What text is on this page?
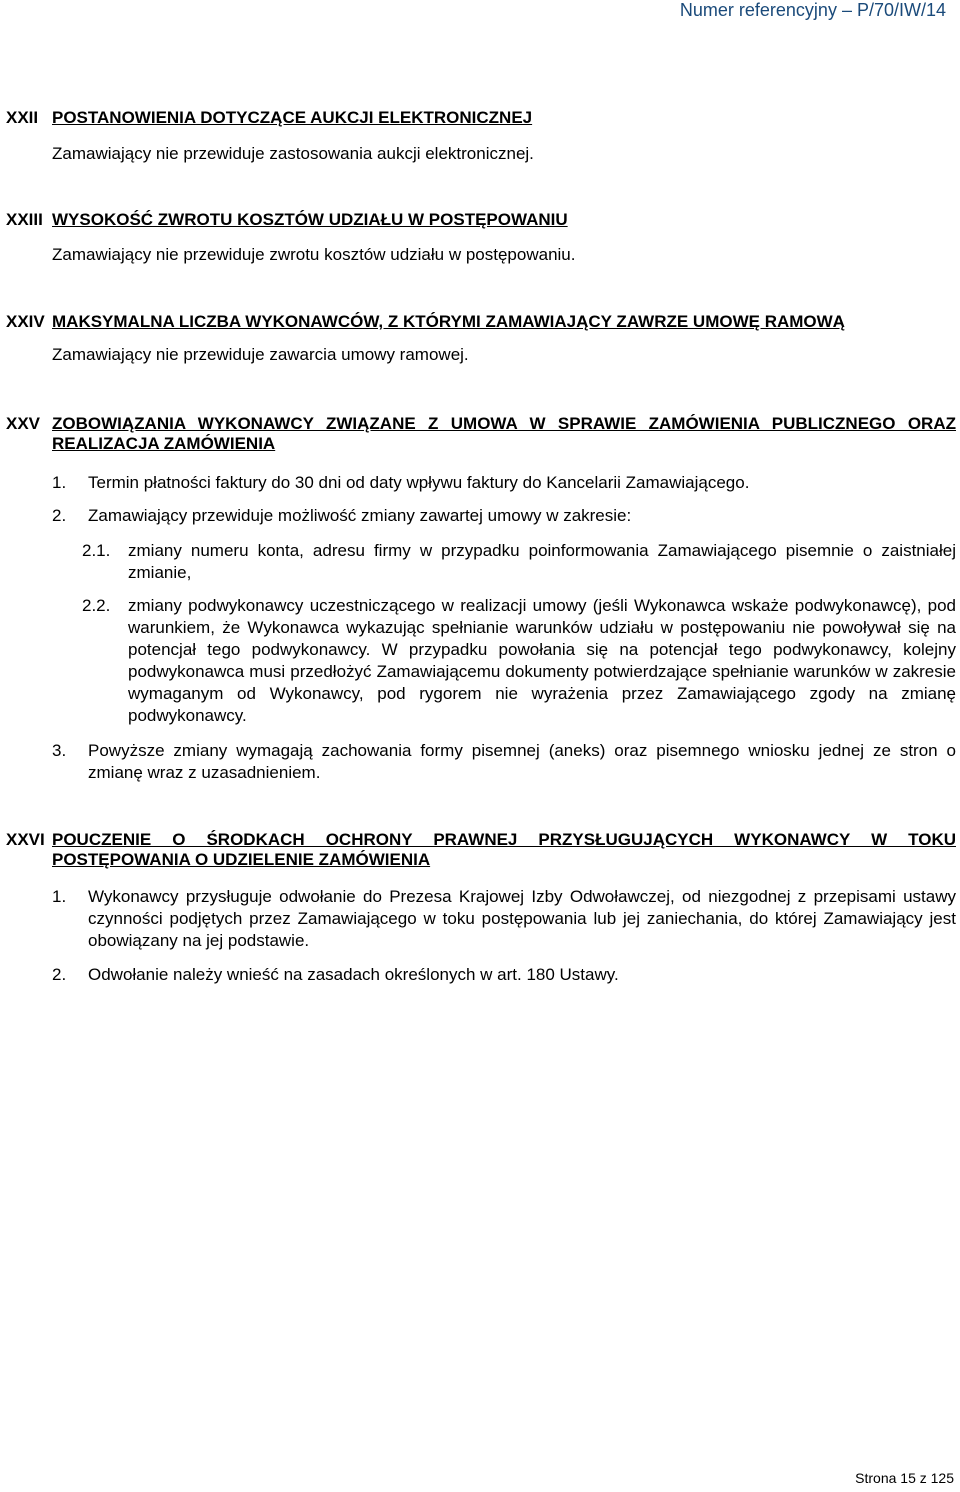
Numer referencyjny – P/70/IW/14
XXII POSTANOWIENIA DOTYCZĄCE AUKCJI ELEKTRONICZNEJ
Zamawiający nie przewiduje zastosowania aukcji elektronicznej.
XXIII WYSOKOŚĆ ZWROTU KOSZTÓW UDZIAŁU W POSTĘPOWANIU
Zamawiający nie przewiduje zwrotu kosztów udziału w postępowaniu.
XXIV MAKSYMALNA LICZBA WYKONAWCÓW, Z KTÓRYMI ZAMAWIAJĄCY ZAWRZE UMOWĘ RAMOWĄ
Zamawiający nie przewiduje zawarcia umowy ramowej.
XXV ZOBOWIĄZANIA WYKONAWCY ZWIĄZANE Z UMOWA W SPRAWIE ZAMÓWIENIA PUBLICZNEGO ORAZ REALIZACJA ZAMÓWIENIA
1. Termin płatności faktury do 30 dni od daty wpływu faktury do Kancelarii Zamawiającego.
2. Zamawiający przewiduje możliwość zmiany zawartej umowy w zakresie:
2.1. zmiany numeru konta, adresu firmy w przypadku poinformowania Zamawiającego pisemnie o zaistniałej zmianie,
2.2. zmiany podwykonawcy uczestniczącego w realizacji umowy (jeśli Wykonawca wskaże podwykonawcę), pod warunkiem, że Wykonawca wykazując spełnianie warunków udziału w postępowaniu nie powoływał się na potencjał tego podwykonawcy. W przypadku powołania się na potencjał tego podwykonawcy, kolejny podwykonawca musi przedłożyć Zamawiającemu dokumenty potwierdzające spełnianie warunków w zakresie wymaganym od Wykonawcy, pod rygorem nie wyrażenia przez Zamawiającego zgody na zmianę podwykonawcy.
3. Powyższe zmiany wymagają zachowania formy pisemnej (aneks) oraz pisemnego wniosku jednej ze stron o zmianę wraz z uzasadnieniem.
XXVI POUCZENIE O ŚRODKACH OCHRONY PRAWNEJ PRZYSŁUGUJĄCYCH WYKONAWCY W TOKU POSTĘPOWANIA O UDZIELENIE ZAMÓWIENIA
1. Wykonawcy przysługuje odwołanie do Prezesa Krajowej Izby Odwoławczej, od niezgodnej z przepisami ustawy czynności podjętych przez Zamawiającego w toku postępowania lub jej zaniechania, do której Zamawiający jest obowiązany na jej podstawie.
2. Odwołanie należy wnieść na zasadach określonych w art. 180 Ustawy.
Strona 15 z 125
